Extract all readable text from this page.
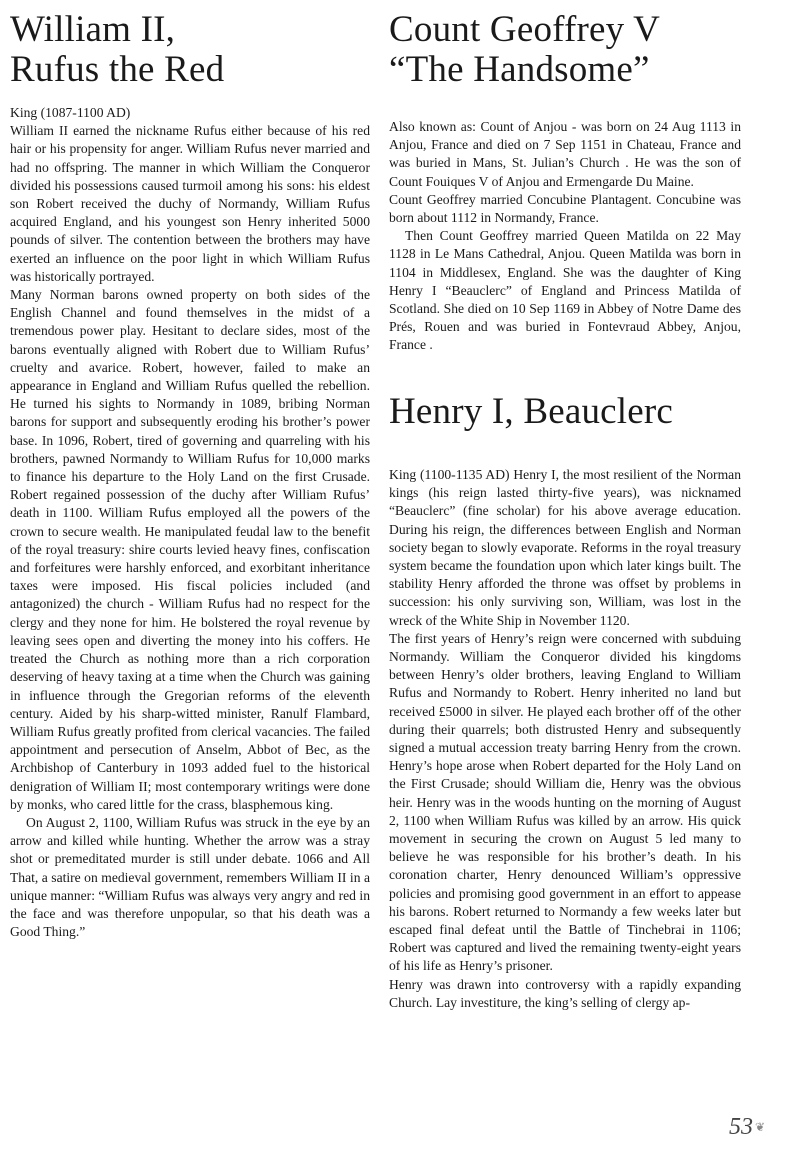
William II,
Rufus the Red

King (1087-1100 AD)

William II earned the nickname Rufus either because of his red hair or his propensity for anger. William Rufus never married and had no offspring. The manner in which William the Conqueror divided his possessions caused turmoil among his sons: his eldest son Robert received the duchy of Normandy, William Rufus acquired England, and his youngest son Henry inherited 5000 pounds of silver. The contention between the brothers may have exerted an influence on the poor light in which William Rufus was historically portrayed.

Many Norman barons owned property on both sides of the English Channel and found themselves in the midst of a tremendous power play. Hesitant to declare sides, most of the barons eventually aligned with Robert due to William Rufus’ cruelty and avarice. Robert, however, failed to make an appearance in England and William Rufus quelled the rebellion. He turned his sights to Normandy in 1089, bribing Norman barons for support and subsequently eroding his brother’s power base. In 1096, Robert, tired of governing and quarreling with his brothers, pawned Normandy to William Rufus for 10,000 marks to finance his departure to the Holy Land on the first Crusade. Robert regained possession of the duchy after William Rufus’ death in 1100. William Rufus employed all the powers of the crown to secure wealth. He manipulated feudal law to the benefit of the royal treasury: shire courts levied heavy fines, confiscation and forfeitures were harshly enforced, and exorbitant inheritance taxes were imposed. His fiscal policies included (and antagonized) the church - William Rufus had no respect for the clergy and they none for him. He bolstered the royal revenue by leaving sees open and diverting the money into his coffers. He treated the Church as nothing more than a rich corporation deserving of heavy taxing at a time when the Church was gaining in influence through the Gregorian reforms of the eleventh century. Aided by his sharp-witted minister, Ranulf Flambard, William Rufus greatly profited from clerical vacancies. The failed appointment and persecution of Anselm, Abbot of Bec, as the Archbishop of Canterbury in 1093 added fuel to the historical denigration of William II; most contemporary writings were done by monks, who cared little for the crass, blasphemous king.

On August 2, 1100, William Rufus was struck in the eye by an arrow and killed while hunting. Whether the arrow was a stray shot or premeditated murder is still under debate. 1066 and All That, a satire on medieval government, remembers William II in a unique manner: “William Rufus was always very angry and red in the face and was therefore unpopular, so that his death was a Good Thing.”

Count Geoffrey V
“The Handsome”

Also known as: Count of Anjou - was born on 24 Aug 1113 in Anjou, France and died on 7 Sep 1151 in Chateau, France and was buried in Mans, St. Julian’s Church . He was the son of Count Fouiques V of Anjou and Ermengarde Du Maine.

Count Geoffrey married Concubine Plantagent. Concubine was born about 1112 in Normandy, France.

Then Count Geoffrey married Queen Matilda on 22 May 1128 in Le Mans Cathedral, Anjou. Queen Matilda was born in 1104 in Middlesex, England. She was the daughter of King Henry I “Beauclerc” of England and Princess Matilda of Scotland. She died on 10 Sep 1169 in Abbey of Notre Dame des Prés, Rouen and was buried in Fontevraud Abbey, Anjou, France .

Henry I, Beauclerc

King (1100-1135 AD) Henry I, the most resilient of the Norman kings (his reign lasted thirty-five years), was nicknamed “Beauclerc” (fine scholar) for his above average education. During his reign, the differences between English and Norman society began to slowly evaporate. Reforms in the royal treasury system became the foundation upon which later kings built. The stability Henry afforded the throne was offset by problems in succession: his only surviving son, William, was lost in the wreck of the White Ship in November 1120.

The first years of Henry’s reign were concerned with subduing Normandy. William the Conqueror divided his kingdoms between Henry’s older brothers, leaving England to William Rufus and Normandy to Robert. Henry inherited no land but received £5000 in silver. He played each brother off of the other during their quarrels; both distrusted Henry and subsequently signed a mutual accession treaty barring Henry from the crown. Henry’s hope arose when Robert departed for the Holy Land on the First Crusade; should William die, Henry was the obvious heir. Henry was in the woods hunting on the morning of August 2, 1100 when William Rufus was killed by an arrow. His quick movement in securing the crown on August 5 led many to believe he was responsible for his brother’s death. In his coronation charter, Henry denounced William’s oppressive policies and promising good government in an effort to appease his barons. Robert returned to Normandy a few weeks later but escaped final defeat until the Battle of Tinchebrai in 1106; Robert was captured and lived the remaining twenty-eight years of his life as Henry’s prisoner.

Henry was drawn into controversy with a rapidly expanding Church. Lay investiture, the king’s selling of clergy ap-

53 ❦
